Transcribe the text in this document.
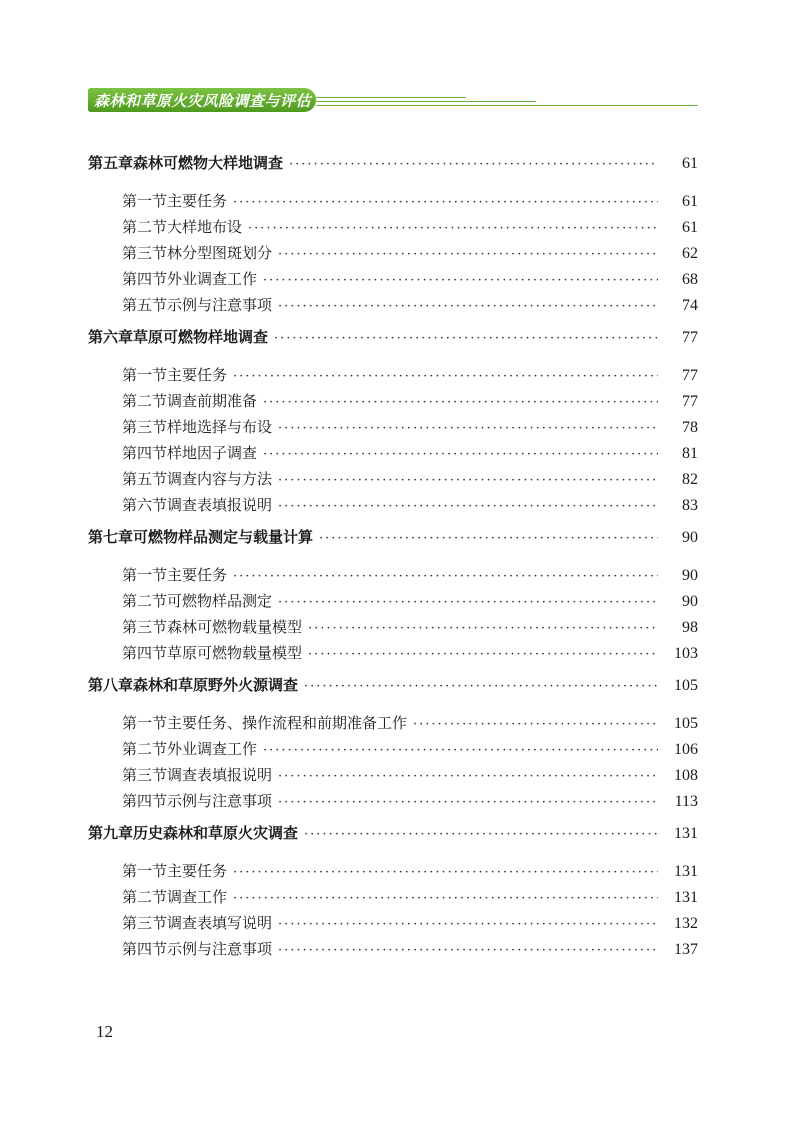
森林和草原火灾风险调查与评估
第五章 森林可燃物大样地调查 ·····	61
第一节 主要任务 ·····	61
第二节 大样地布设 ·····	61
第三节 林分型图斑划分 ·····	62
第四节 外业调查工作 ·····	68
第五节 示例与注意事项 ·····	74
第六章 草原可燃物样地调查 ·····	77
第一节 主要任务 ·····	77
第二节 调查前期准备 ·····	77
第三节 样地选择与布设 ·····	78
第四节 样地因子调查 ·····	81
第五节 调查内容与方法 ·····	82
第六节 调查表填报说明 ·····	83
第七章 可燃物样品测定与载量计算 ·····	90
第一节 主要任务 ·····	90
第二节 可燃物样品测定 ·····	90
第三节 森林可燃物载量模型 ·····	98
第四节 草原可燃物载量模型 ·····	103
第八章 森林和草原野外火源调查 ·····	105
第一节 主要任务、操作流程和前期准备工作 ·····	105
第二节 外业调查工作 ·····	106
第三节 调查表填报说明 ·····	108
第四节 示例与注意事项 ·····	113
第九章 历史森林和草原火灾调查 ·····	131
第一节 主要任务 ·····	131
第二节 调查工作 ·····	131
第三节 调查表填写说明 ·····	132
第四节 示例与注意事项 ·····	137
12
